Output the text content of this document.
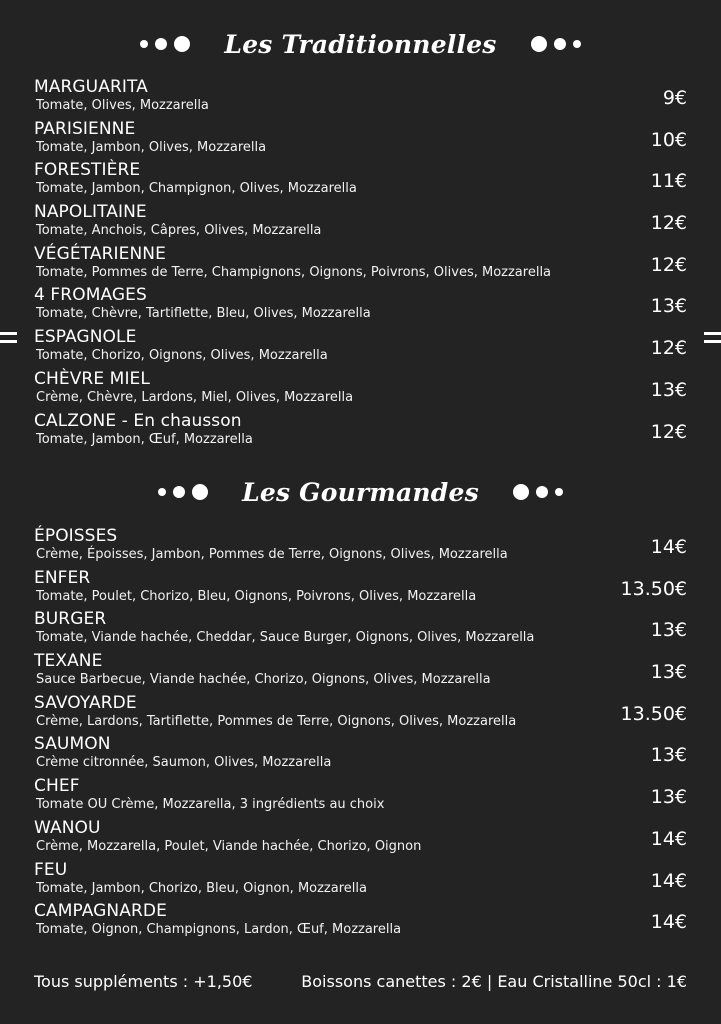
Les Traditionnelles
MARGUARITA
Tomate, Olives, Mozzarella	9€
PARISIENNE
Tomate, Jambon, Olives, Mozzarella	10€
FORESTIÈRE
Tomate, Jambon, Champignon, Olives, Mozzarella	11€
NAPOLITAINE
Tomate, Anchois, Câpres, Olives, Mozzarella	12€
VÉGÉTARIENNE
Tomate, Pommes de Terre, Champignons, Oignons, Poivrons, Olives, Mozzarella	12€
4 FROMAGES
Tomate, Chèvre, Tartiflette, Bleu, Olives, Mozzarella	13€
ESPAGNOLE
Tomate, Chorizo, Oignons, Olives, Mozzarella	12€
CHÈVRE MIEL
Crème, Chèvre, Lardons, Miel, Olives, Mozzarella	13€
CALZONE - En chausson
Tomate, Jambon, Œuf, Mozzarella	12€
Les Gourmandes
ÉPOISSES
Crème, Époisses, Jambon, Pommes de Terre, Oignons, Olives, Mozzarella	14€
ENFER
Tomate, Poulet, Chorizo, Bleu, Oignons, Poivrons, Olives, Mozzarella	13.50€
BURGER
Tomate, Viande hachée, Cheddar, Sauce Burger, Oignons, Olives, Mozzarella	13€
TEXANE
Sauce Barbecue, Viande hachée, Chorizo, Oignons, Olives, Mozzarella	13€
SAVOYARDE
Crème, Lardons, Tartiflette, Pommes de Terre, Oignons, Olives, Mozzarella	13.50€
SAUMON
Crème citronnée, Saumon, Olives, Mozzarella	13€
CHEF
Tomate OU Crème, Mozzarella, 3 ingrédients au choix	13€
WANOU
Crème, Mozzarella, Poulet, Viande hachée, Chorizo, Oignon	14€
FEU
Tomate, Jambon, Chorizo, Bleu, Oignon, Mozzarella	14€
CAMPAGNARDE
Tomate, Oignon, Champignons, Lardon, Œuf, Mozzarella	14€
Tous suppléments : +1,50€	Boissons canettes : 2€ | Eau Cristalline 50cl : 1€
